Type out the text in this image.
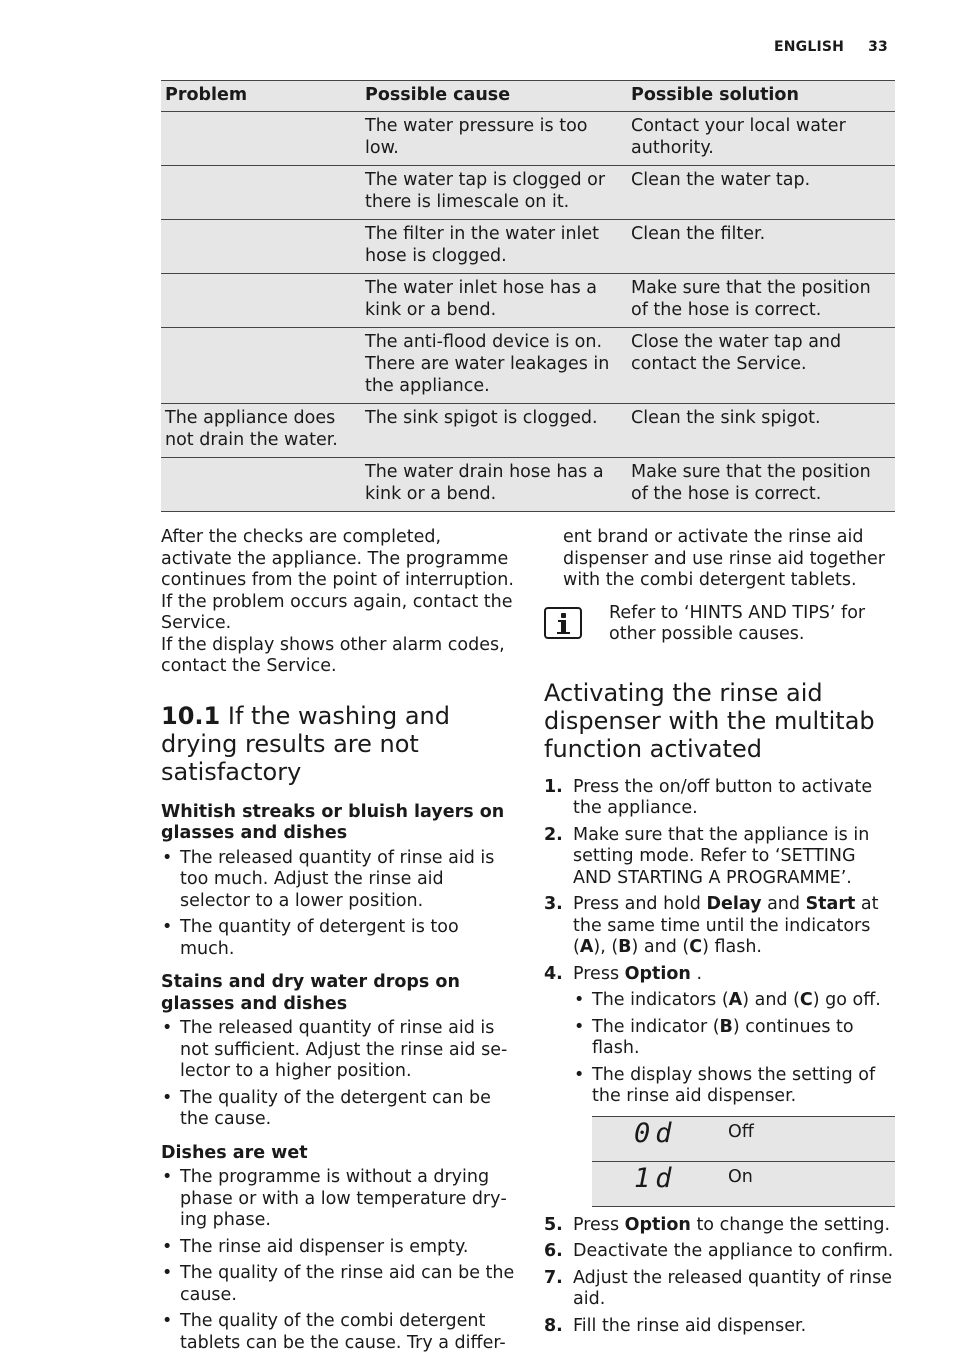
ENGLISH 33
Problem	Possible cause	Possible solution
	The water pressure is too low.	Contact your local water authority.
	The water tap is clogged or there is limescale on it.	Clean the water tap.
	The filter in the water inlet hose is clogged.	Clean the filter.
	The water inlet hose has a kink or a bend.	Make sure that the position of the hose is correct.
	The anti-flood device is on. There are water leakages in the appliance.	Close the water tap and contact the Service.
The appliance does not drain the water.	The sink spigot is clogged.	Clean the sink spigot.
	The water drain hose has a kink or a bend.	Make sure that the position of the hose is correct.

After the checks are completed, activate the appliance. The programme continues from the point of interruption.

If the problem occurs again, contact the Service.

If the display shows other alarm codes, contact the Service.

10.1 If the washing and drying results are not satisfactory
Whitish streaks or bluish layers on glasses and dishes
• The released quantity of rinse aid is too much. Adjust the rinse aid selector to a lower position.
• The quantity of detergent is too much.
Stains and dry water drops on glasses and dishes
• The released quantity of rinse aid is not sufficient. Adjust the rinse aid selector to a higher position.
• The quality of the detergent can be the cause.
Dishes are wet
• The programme is without a drying phase or with a low temperature drying phase.
• The rinse aid dispenser is empty.
• The quality of the rinse aid can be the cause.
• The quality of the combi detergent tablets can be the cause. Try a differ-

ent brand or activate the rinse aid dispenser and use rinse aid together with the combi detergent tablets.

Refer to ‘HINTS AND TIPS’ for other possible causes.

Activating the rinse aid dispenser with the multitab function activated
1. Press the on/off button to activate the appliance.
2. Make sure that the appliance is in setting mode. Refer to ‘SETTING AND STARTING A PROGRAMME’.
3. Press and hold Delay and Start at the same time until the indicators (A), (B) and (C) flash.
4. Press Option .
• The indicators (A) and (C) go off.
• The indicator (B) continues to flash.
• The display shows the setting of the rinse aid dispenser.
0d	Off

1d	On
5. Press Option to change the setting.
6. Deactivate the appliance to confirm.
7. Adjust the released quantity of rinse aid.
8. Fill the rinse aid dispenser.
